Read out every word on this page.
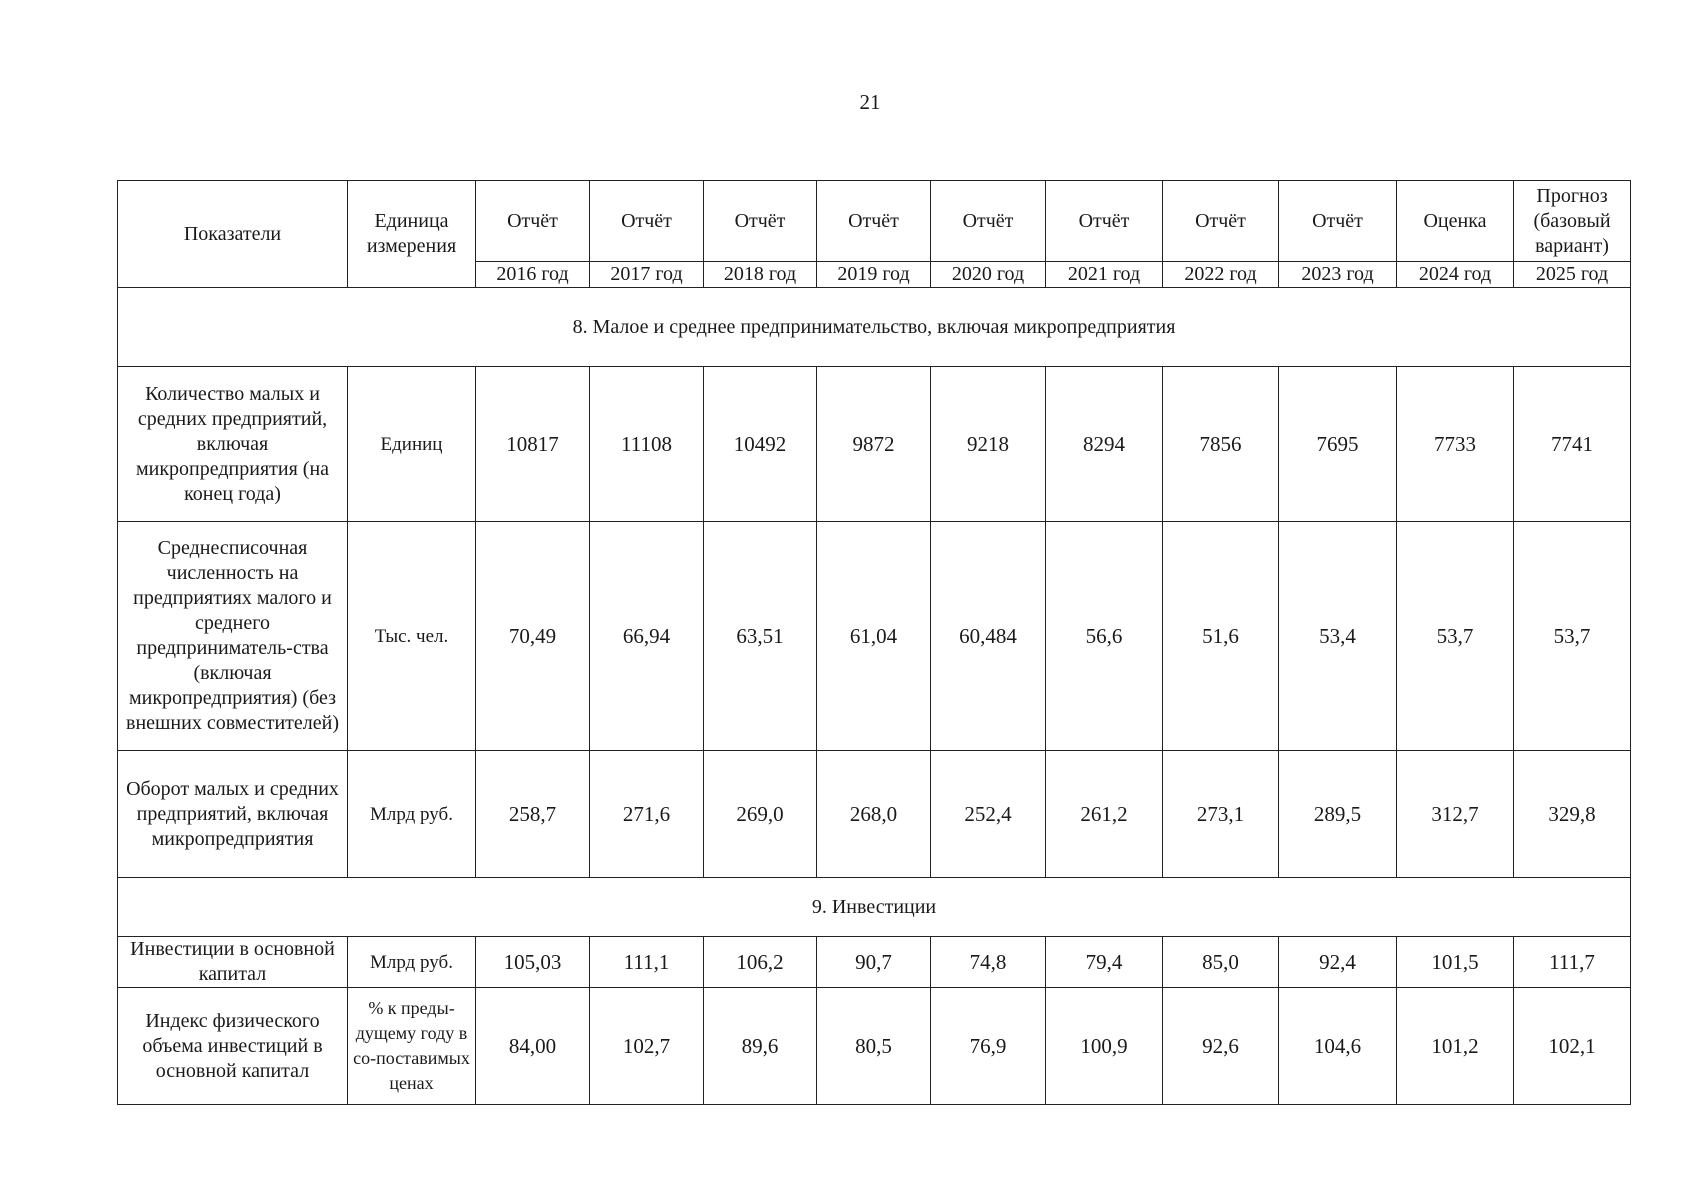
21
Показатели	Единица измерения	Отчёт	Отчёт	Отчёт	Отчёт	Отчёт	Отчёт	Отчёт	Отчёт	Оценка	Прогноз (базовый вариант)
		2016 год	2017 год	2018 год	2019 год	2020 год	2021 год	2022 год	2023 год	2024 год	2025 год
8. Малое и среднее предпринимательство, включая микропредприятия											
Количество малых и средних предприятий, включая микропредприятия (на конец года)	Единиц	10817	11108	10492	9872	9218	8294	7856	7695	7733	7741
Среднесписочная численность на предприятиях малого и среднего предприниматель-ства (включая микропредприятия) (без внешних совместителей)	Тыс. чел.	70,49	66,94	63,51	61,04	60,484	56,6	51,6	53,4	53,7	53,7
Оборот малых и средних предприятий, включая микропредприятия	Млрд руб.	258,7	271,6	269,0	268,0	252,4	261,2	273,1	289,5	312,7	329,8
9. Инвестиции											
Инвестиции в основной капитал	Млрд руб.	105,03	111,1	106,2	90,7	74,8	79,4	85,0	92,4	101,5	111,7
Индекс физического объема инвестиций в основной капитал	% к преды-дущему году в со-поставимых ценах	84,00	102,7	89,6	80,5	76,9	100,9	92,6	104,6	101,2	102,1
